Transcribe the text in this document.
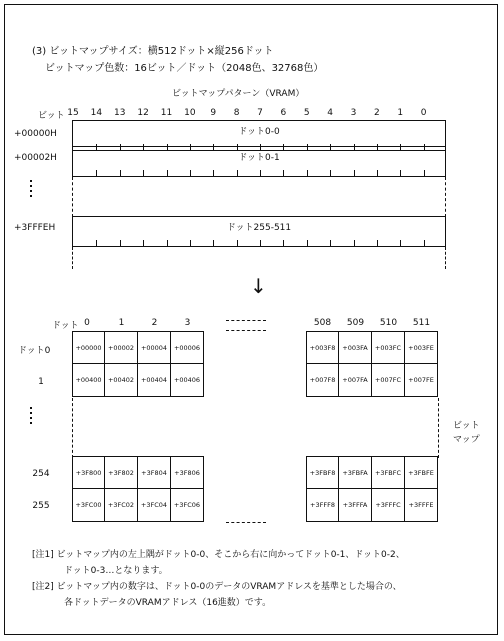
(3) ビットマップサイズ：横512ドット×縦256ドット
ビットマップ色数：16ビット／ドット（2048色、32768色）
ビットマップパターン（VRAM）
ビット 15 14 13 12 11 10	9	8	7	6	5	4	3	2	1	0
+00000H	ドット0-0
+00002H	ドット0-1
+3FFFEH	ドット255-511
↓
ドット 0	1	2	3	508	509	510	511
ドット0	+00000 +00002	+00004	+00006	+003F8	+003FA	+003FC	+003FE
1	+00400 +00402	+00404	+00406	+007F8	+007FA	+007FC	+007FE
254	+3F800	+3F802	+3F804	+3F806	+3FBF8	+3FBFA	+3FBFC	+3FBFE
255	+3FC00 +3FC02	+3FC04	+3FC06	+3FFF8	+3FFFA	+3FFFC	+3FFFE
ビット
マップ
[注1] ビットマップ内の左上隅がドット0-0、そこから右に向かってドット0-1、ドット0-2、
ドット0-3…となります。
[注2] ビットマップ内の数字は、ドット0-0のデータのVRAMアドレスを基準とした場合の、
各ドットデータのVRAMアドレス（16進数）です。
